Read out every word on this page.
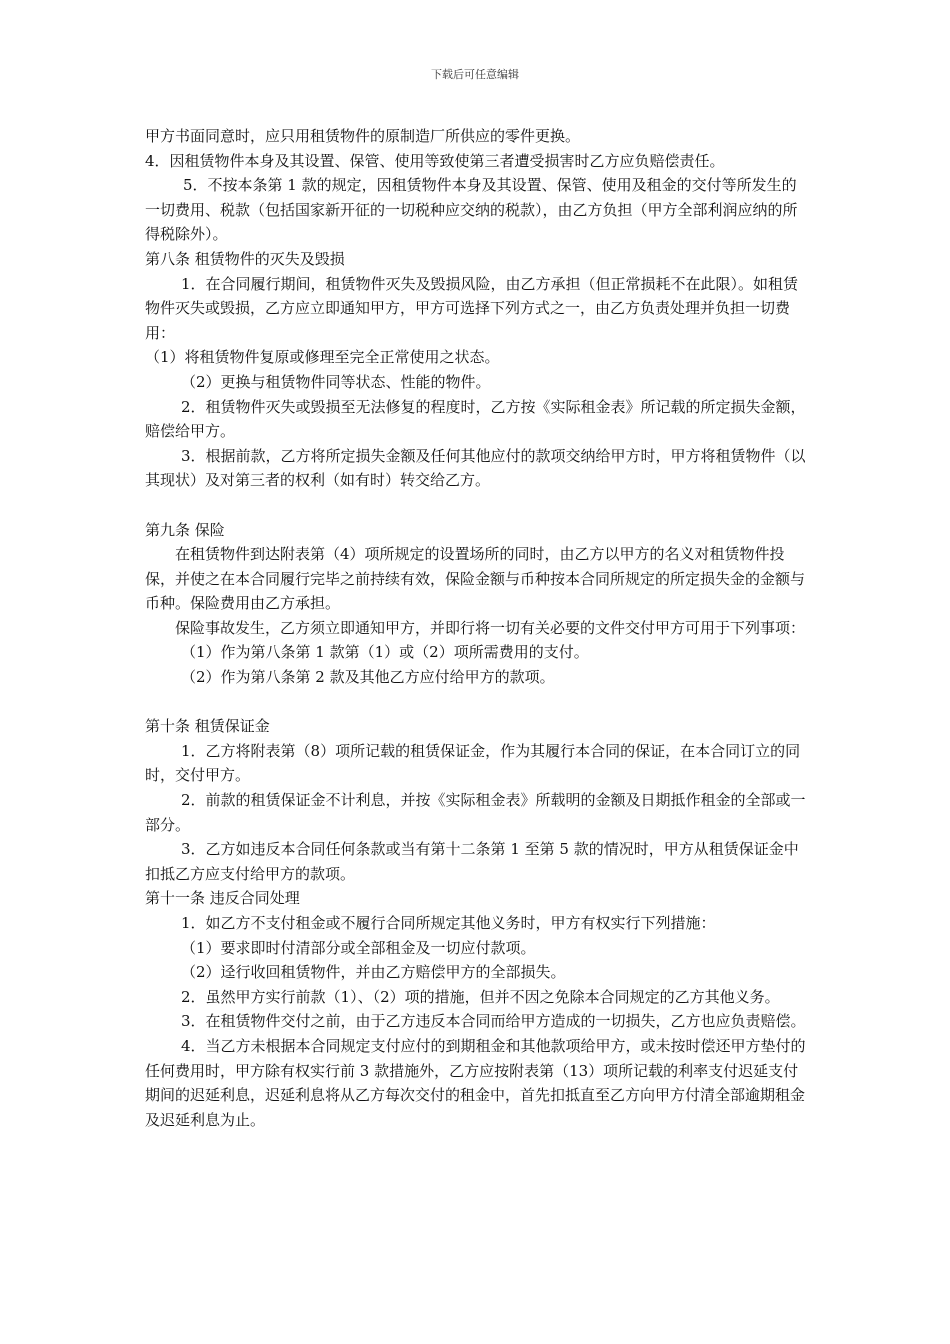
下载后可任意编辑

甲方书面同意时，应只用租赁物件的原制造厂所供应的零件更换。

4．因租赁物件本身及其设置、保管、使用等致使第三者遭受损害时乙方应负赔偿责任。

5．不按本条第 1 款的规定，因租赁物件本身及其设置、保管、使用及租金的交付等所发生的一切费用、税款（包括国家新开征的一切税种应交纳的税款），由乙方负担（甲方全部利润应纳的所得税除外）。

第八条 租赁物件的灭失及毁损

1．在合同履行期间，租赁物件灭失及毁损风险，由乙方承担（但正常损耗不在此限）。如租赁物件灭失或毁损，乙方应立即通知甲方，甲方可选择下列方式之一，由乙方负责处理并负担一切费用：

（1）将租赁物件复原或修理至完全正常使用之状态。

（2）更换与租赁物件同等状态、性能的物件。

2．租赁物件灭失或毁损至无法修复的程度时，乙方按《实际租金表》所记载的所定损失金额，赔偿给甲方。

3．根据前款，乙方将所定损失金额及任何其他应付的款项交纳给甲方时，甲方将租赁物件（以其现状）及对第三者的权利（如有时）转交给乙方。

第九条 保险

在租赁物件到达附表第（4）项所规定的设置场所的同时，由乙方以甲方的名义对租赁物件投保，并使之在本合同履行完毕之前持续有效，保险金额与币种按本合同所规定的所定损失金的金额与币种。保险费用由乙方承担。

保险事故发生，乙方须立即通知甲方，并即行将一切有关必要的文件交付甲方可用于下列事项：

（1）作为第八条第 1 款第（1）或（2）项所需费用的支付。

（2）作为第八条第 2 款及其他乙方应付给甲方的款项。

第十条 租赁保证金

1．乙方将附表第（8）项所记载的租赁保证金，作为其履行本合同的保证，在本合同订立的同时，交付甲方。

2．前款的租赁保证金不计利息，并按《实际租金表》所载明的金额及日期抵作租金的全部或一部分。

3．乙方如违反本合同任何条款或当有第十二条第 1 至第 5 款的情况时，甲方从租赁保证金中扣抵乙方应支付给甲方的款项。

第十一条 违反合同处理

1．如乙方不支付租金或不履行合同所规定其他义务时，甲方有权实行下列措施：

（1）要求即时付清部分或全部租金及一切应付款项。

（2）迳行收回租赁物件，并由乙方赔偿甲方的全部损失。

2．虽然甲方实行前款（1）、（2）项的措施，但并不因之免除本合同规定的乙方其他义务。

3．在租赁物件交付之前，由于乙方违反本合同而给甲方造成的一切损失，乙方也应负责赔偿。

4．当乙方未根据本合同规定支付应付的到期租金和其他款项给甲方，或未按时偿还甲方垫付的任何费用时，甲方除有权实行前 3 款措施外，乙方应按附表第（13）项所记载的利率支付迟延支付期间的迟延利息，迟延利息将从乙方每次交付的租金中，首先扣抵直至乙方向甲方付清全部逾期租金及迟延利息为止。
